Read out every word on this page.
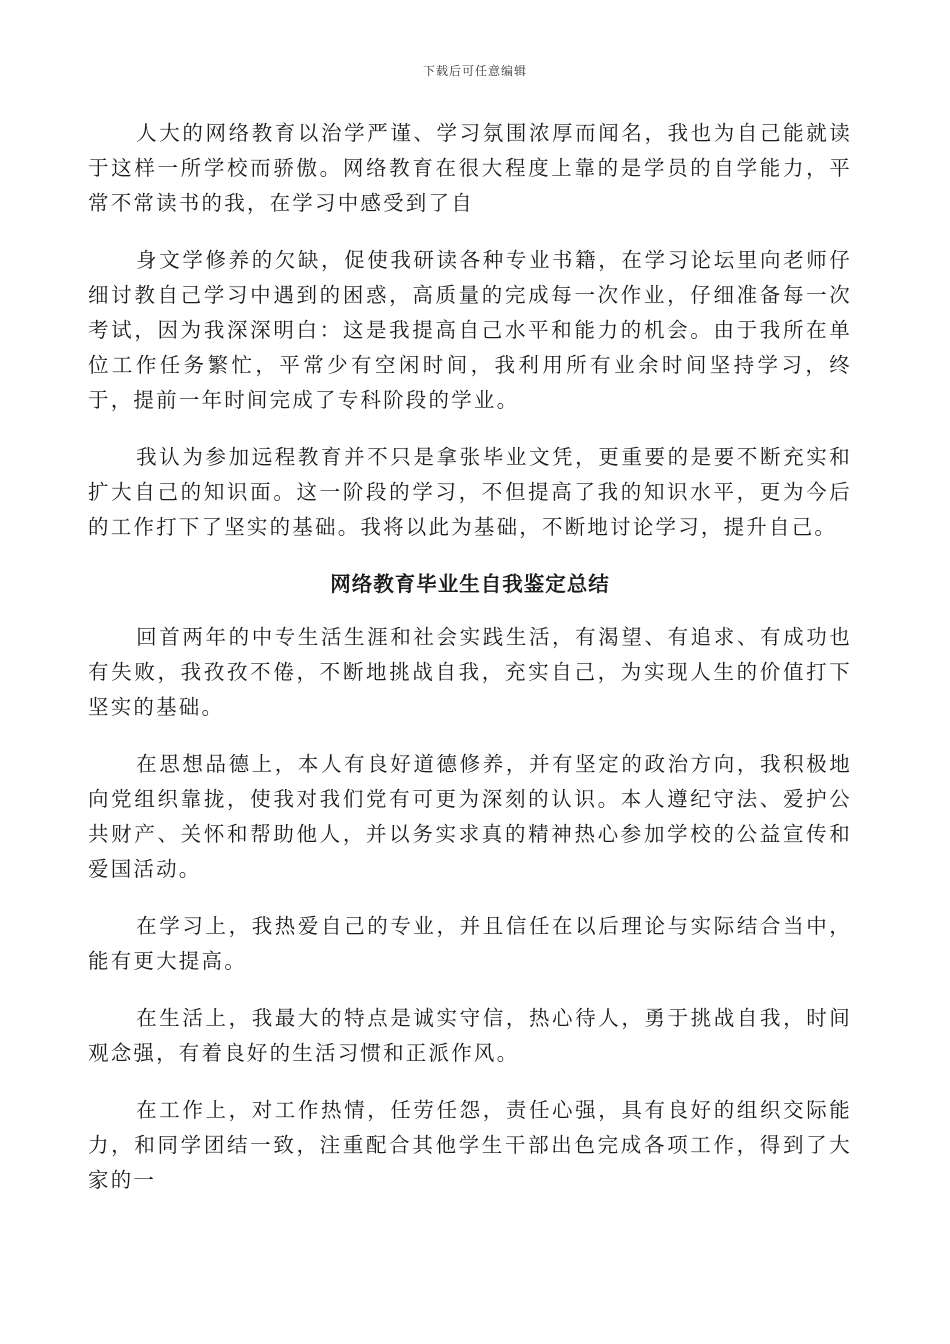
下载后可任意编辑

人大的网络教育以治学严谨、学习氛围浓厚而闻名，我也为自己能就读于这样一所学校而骄傲。网络教育在很大程度上靠的是学员的自学能力，平常不常读书的我，在学习中感受到了自

身文学修养的欠缺，促使我研读各种专业书籍，在学习论坛里向老师仔细讨教自己学习中遇到的困惑，高质量的完成每一次作业，仔细准备每一次考试，因为我深深明白：这是我提高自己水平和能力的机会。由于我所在单位工作任务繁忙，平常少有空闲时间，我利用所有业余时间坚持学习，终于，提前一年时间完成了专科阶段的学业。

我认为参加远程教育并不只是拿张毕业文凭，更重要的是要不断充实和扩大自己的知识面。这一阶段的学习，不但提高了我的知识水平，更为今后的工作打下了坚实的基础。我将以此为基础，不断地讨论学习，提升自己。

网络教育毕业生自我鉴定总结

回首两年的中专生活生涯和社会实践生活，有渴望、有追求、有成功也有失败，我孜孜不倦，不断地挑战自我，充实自己，为实现人生的价值打下坚实的基础。

在思想品德上，本人有良好道德修养，并有坚定的政治方向，我积极地向党组织靠拢，使我对我们党有可更为深刻的认识。本人遵纪守法、爱护公共财产、关怀和帮助他人，并以务实求真的精神热心参加学校的公益宣传和爱国活动。

在学习上，我热爱自己的专业，并且信任在以后理论与实际结合当中，能有更大提高。

在生活上，我最大的特点是诚实守信，热心待人，勇于挑战自我，时间观念强，有着良好的生活习惯和正派作风。

在工作上，对工作热情，任劳任怨，责任心强，具有良好的组织交际能力，和同学团结一致，注重配合其他学生干部出色完成各项工作，得到了大家的一
